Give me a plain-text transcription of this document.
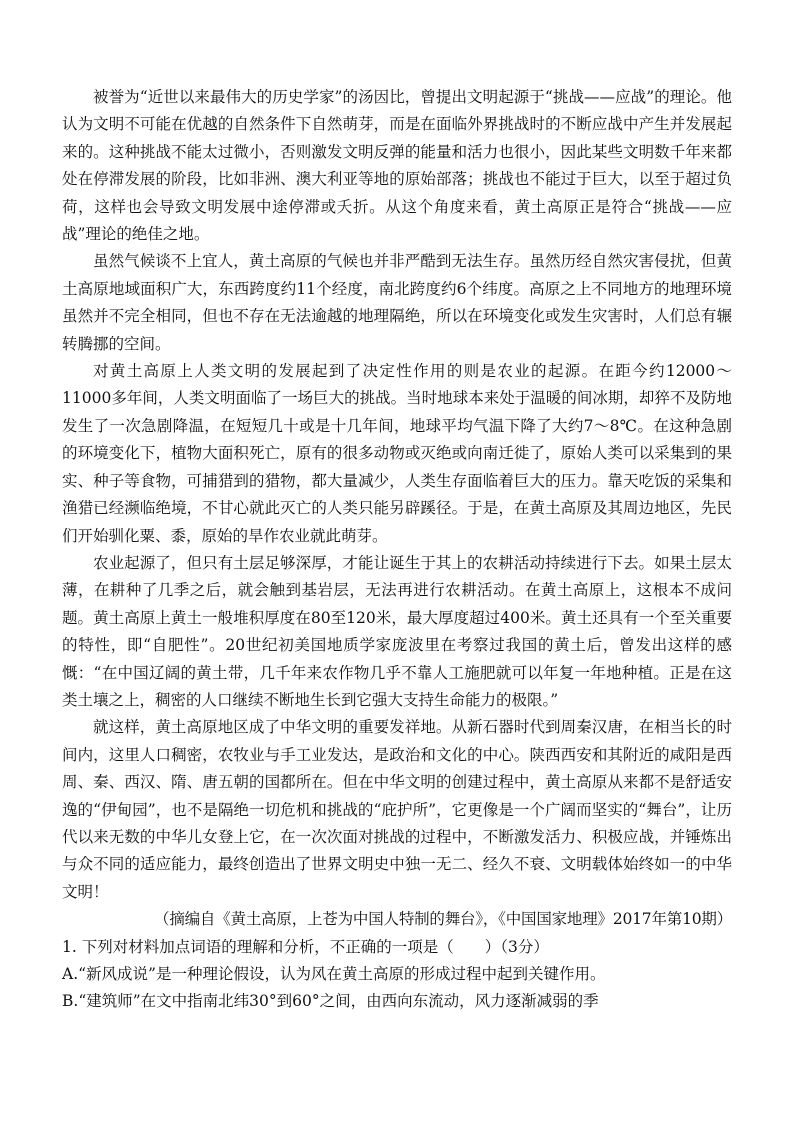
被誉为“近世以来最伟大的历史学家”的汤因比，曾提出文明起源于“挑战——应战”的理论。他认为文明不可能在优越的自然条件下自然萌芽，而是在面临外界挑战时的不断应战中产生并发展起来的。这种挑战不能太过微小，否则激发文明反弹的能量和活力也很小，因此某些文明数千年来都处在停滞发展的阶段，比如非洲、澳大利亚等地的原始部落；挑战也不能过于巨大，以至于超过负荷，这样也会导致文明发展中途停滞或夭折。从这个角度来看，黄土高原正是符合“挑战——应战”理论的绝佳之地。

虽然气候谈不上宜人，黄土高原的气候也并非严酷到无法生存。虽然历经自然灾害侵扰，但黄土高原地域面积广大，东西跨度约11个经度，南北跨度约6个纬度。高原之上不同地方的地理环境虽然并不完全相同，但也不存在无法逾越的地理隔绝，所以在环境变化或发生灾害时，人们总有辗转腾挪的空间。

对黄土高原上人类文明的发展起到了决定性作用的则是农业的起源。在距今约12000～11000多年间，人类文明面临了一场巨大的挑战。当时地球本来处于温暖的间冰期，却猝不及防地发生了一次急剧降温，在短短几十或是十几年间，地球平均气温下降了大约7～8℃。在这种急剧的环境变化下，植物大面积死亡，原有的很多动物或灭绝或向南迁徙了，原始人类可以采集到的果实、种子等食物，可捕猎到的猎物，都大量减少，人类生存面临着巨大的压力。靠天吃饭的采集和渔猎已经濒临绝境，不甘心就此灭亡的人类只能另辟蹊径。于是，在黄土高原及其周边地区，先民们开始驯化粟、黍，原始的旱作农业就此萌芽。

农业起源了，但只有土层足够深厚，才能让诞生于其上的农耕活动持续进行下去。如果土层太薄，在耕种了几季之后，就会触到基岩层，无法再进行农耕活动。在黄土高原上，这根本不成问题。黄土高原上黄土一般堆积厚度在80至120米，最大厚度超过400米。黄土还具有一个至关重要的特性，即“自肥性”。20世纪初美国地质学家庞波里在考察过我国的黄土后，曾发出这样的感慨：“在中国辽阔的黄土带，几千年来农作物几乎不靠人工施肥就可以年复一年地种植。正是在这类土壤之上，稠密的人口继续不断地生长到它强大支持生命能力的极限。”

就这样，黄土高原地区成了中华文明的重要发祥地。从新石器时代到周秦汉唐，在相当长的时间内，这里人口稠密，农牧业与手工业发达，是政治和文化的中心。陕西西安和其附近的咸阳是西周、秦、西汉、隋、唐五朝的国都所在。但在中华文明的创建过程中，黄土高原从来都不是舒适安逸的“伊甸园”，也不是隔绝一切危机和挑战的“庇护所”，它更像是一个广阔而坚实的“舞台”，让历代以来无数的中华儿女登上它，在一次次面对挑战的过程中，不断激发活力、积极应战，并锤炼出与众不同的适应能力，最终创造出了世界文明史中独一无二、经久不衰、文明载体始终如一的中华文明！

（摘编自《黄土高原，上苍为中国人特制的舞台》，《中国国家地理》2017年第10期）

1. 下列对材料加点词语的理解和分析，不正确的一项是（　　）（3分）

A.“新风成说”是一种理论假设，认为风在黄土高原的形成过程中起到关键作用。

B.“建筑师”在文中指南北纬30°到60°之间，由西向东流动，风力逐渐减弱的季
